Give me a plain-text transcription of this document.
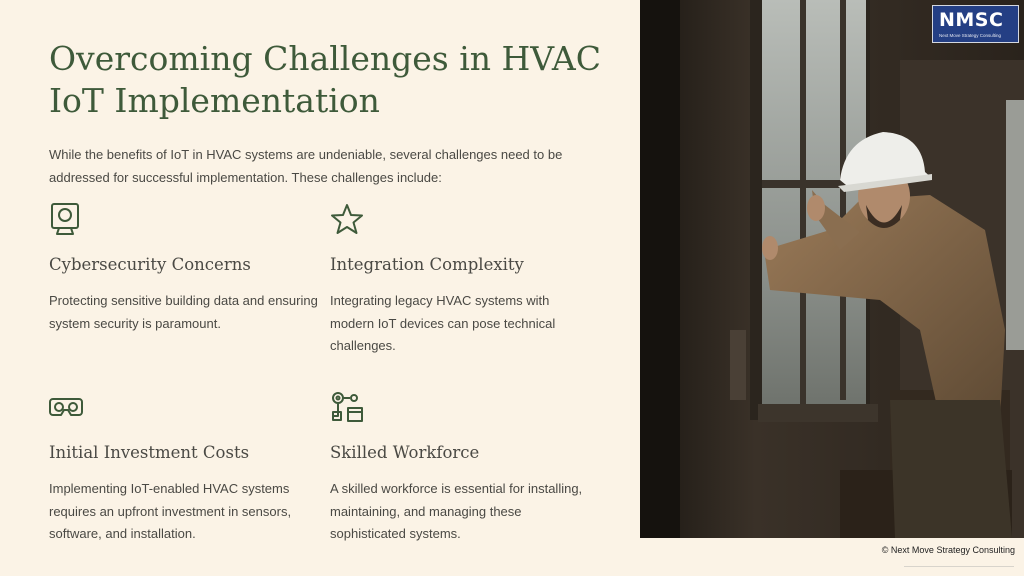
Overcoming Challenges in HVAC IoT Implementation

While the benefits of IoT in HVAC systems are undeniable, several challenges need to be addressed for successful implementation. These challenges include:

Cybersecurity Concerns

Protecting sensitive building data and ensuring system security is paramount.

Integration Complexity

Integrating legacy HVAC systems with modern IoT devices can pose technical challenges.

Initial Investment Costs

Implementing IoT-enabled HVAC systems requires an upfront investment in sensors, software, and installation.

Skilled Workforce

A skilled workforce is essential for installing, maintaining, and managing these sophisticated systems.

NMSC
Next Move Strategy Consulting
© Next Move Strategy Consulting
